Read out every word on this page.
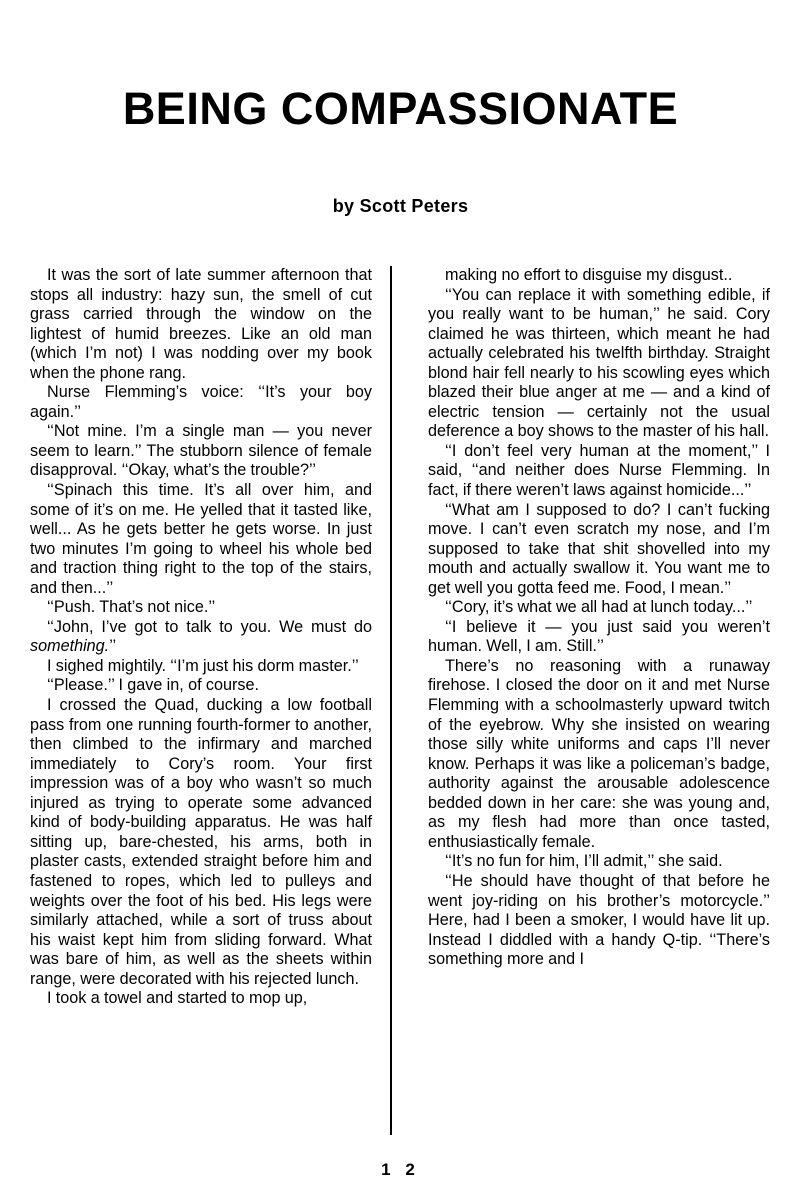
BEING COMPASSIONATE
by Scott Peters

It was the sort of late summer afternoon that stops all industry: hazy sun, the smell of cut grass carried through the window on the lightest of humid breezes. Like an old man (which I’m not) I was nodding over my book when the phone rang.

Nurse Flemming’s voice: ‘‘It’s your boy again.’’

‘‘Not mine. I’m a single man — you never seem to learn.’’ The stubborn silence of female disapproval. ‘‘Okay, what’s the trouble?’’

‘‘Spinach this time. It’s all over him, and some of it’s on me. He yelled that it tasted like, well... As he gets better he gets worse. In just two minutes I’m going to wheel his whole bed and traction thing right to the top of the stairs, and then...’’

‘‘Push. That’s not nice.’’

‘‘John, I’ve got to talk to you. We must do something.’’

I sighed mightily. ‘‘I’m just his dorm master.’’

‘‘Please.’’ I gave in, of course.

I crossed the Quad, ducking a low football pass from one running fourth-former to another, then climbed to the infirmary and marched immediately to Cory’s room. Your first impression was of a boy who wasn’t so much injured as trying to operate some advanced kind of body-building apparatus. He was half sitting up, bare-chested, his arms, both in plaster casts, extended straight before him and fastened to ropes, which led to pulleys and weights over the foot of his bed. His legs were similarly attached, while a sort of truss about his waist kept him from sliding forward. What was bare of him, as well as the sheets within range, were decorated with his rejected lunch.

I took a towel and started to mop up,

making no effort to disguise my disgust..

‘‘You can replace it with something edible, if you really want to be human,’’ he said. Cory claimed he was thirteen, which meant he had actually celebrated his twelfth birthday. Straight blond hair fell nearly to his scowling eyes which blazed their blue anger at me — and a kind of electric tension — certainly not the usual deference a boy shows to the master of his hall.

‘‘I don’t feel very human at the moment,’’ I said, ‘‘and neither does Nurse Flemming. In fact, if there weren’t laws against homicide...’’

‘‘What am I supposed to do? I can’t fucking move. I can’t even scratch my nose, and I’m supposed to take that shit shovelled into my mouth and actually swallow it. You want me to get well you gotta feed me. Food, I mean.’’

‘‘Cory, it’s what we all had at lunch today...’’

‘‘I believe it — you just said you weren’t human. Well, I am. Still.’’

There’s no reasoning with a runaway firehose. I closed the door on it and met Nurse Flemming with a schoolmasterly upward twitch of the eyebrow. Why she insisted on wearing those silly white uniforms and caps I’ll never know. Perhaps it was like a policeman’s badge, authority against the arousable adolescence bedded down in her care: she was young and, as my flesh had more than once tasted, enthusiastically female.

‘‘It’s no fun for him, I’ll admit,’’ she said.

‘‘He should have thought of that before he went joy-riding on his brother’s motorcycle.’’ Here, had I been a smoker, I would have lit up. Instead I diddled with a handy Q-tip. ‘‘There’s something more and I

1 2
